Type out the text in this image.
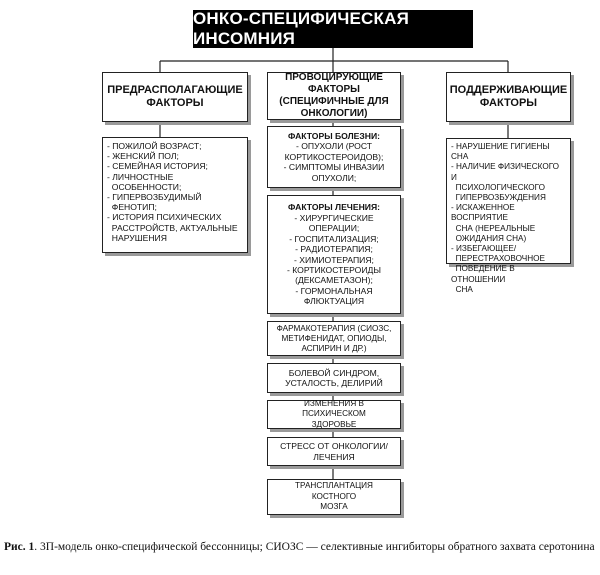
ОНКО-СПЕЦИФИЧЕСКАЯ ИНСОМНИЯ
ПРЕДРАСПОЛАГАЮЩИЕ
ФАКТОРЫ
- ПОЖИЛОЙ ВОЗРАСТ;
- ЖЕНСКИЙ ПОЛ;
- СЕМЕЙНАЯ ИСТОРИЯ;
- ЛИЧНОСТНЫЕ
ОСОБЕННОСТИ;
- ГИПЕРВОЗБУДИМЫЙ
ФЕНОТИП;
- ИСТОРИЯ ПСИХИЧЕСКИХ
РАССТРОЙСТВ, АКТУАЛЬНЫЕ
НАРУШЕНИЯ
ПРОВОЦИРУЮЩИЕ ФАКТОРЫ
(СПЕЦИФИЧНЫЕ ДЛЯ
ОНКОЛОГИИ)
ФАКТОРЫ БОЛЕЗНИ:
- ОПУХОЛИ (РОСТ
КОРТИКОСТЕРОИДОВ);
- СИМПТОМЫ ИНВАЗИИ
ОПУХОЛИ;
ФАКТОРЫ ЛЕЧЕНИЯ:
- ХИРУРГИЧЕСКИЕ
ОПЕРАЦИИ;
- ГОСПИТАЛИЗАЦИЯ;
- РАДИОТЕРАПИЯ;
- ХИМИОТЕРАПИЯ;
- КОРТИКОСТЕРОИДЫ
(ДЕКСАМЕТАЗОН);
- ГОРМОНАЛЬНАЯ
ФЛЮКТУАЦИЯ
ФАРМАКОТЕРАПИЯ (СИОЗС,
МЕТИФЕНИДАТ, ОПИОДЫ,
АСПИРИН И ДР.)
БОЛЕВОЙ СИНДРОМ,
УСТАЛОСТЬ, ДЕЛИРИЙ
ИЗМЕНЕНИЯ В ПСИХИЧЕСКОМ
ЗДОРОВЬЕ
СТРЕСС ОТ ОНКОЛОГИИ/
ЛЕЧЕНИЯ
ТРАНСПЛАНТАЦИЯ КОСТНОГО
МОЗГА
ПОДДЕРЖИВАЮЩИЕ
ФАКТОРЫ
- НАРУШЕНИЕ ГИГИЕНЫ СНА
- НАЛИЧИЕ ФИЗИЧЕСКОГО И
ПСИХОЛОГИЧЕСКОГО
ГИПЕРВОЗБУЖДЕНИЯ
- ИСКАЖЕННОЕ ВОСПРИЯТИЕ
СНА (НЕРЕАЛЬНЫЕ
ОЖИДАНИЯ СНА)
- ИЗБЕГАЮЩЕЕ/
ПЕРЕСТРАХОВОЧНОЕ
ПОВЕДЕНИЕ В ОТНОШЕНИИ
СНА
Рис. 1. 3П-модель онко-специфической бессонницы; СИОЗС — селективные ингибиторы обратного захвата серотонина
